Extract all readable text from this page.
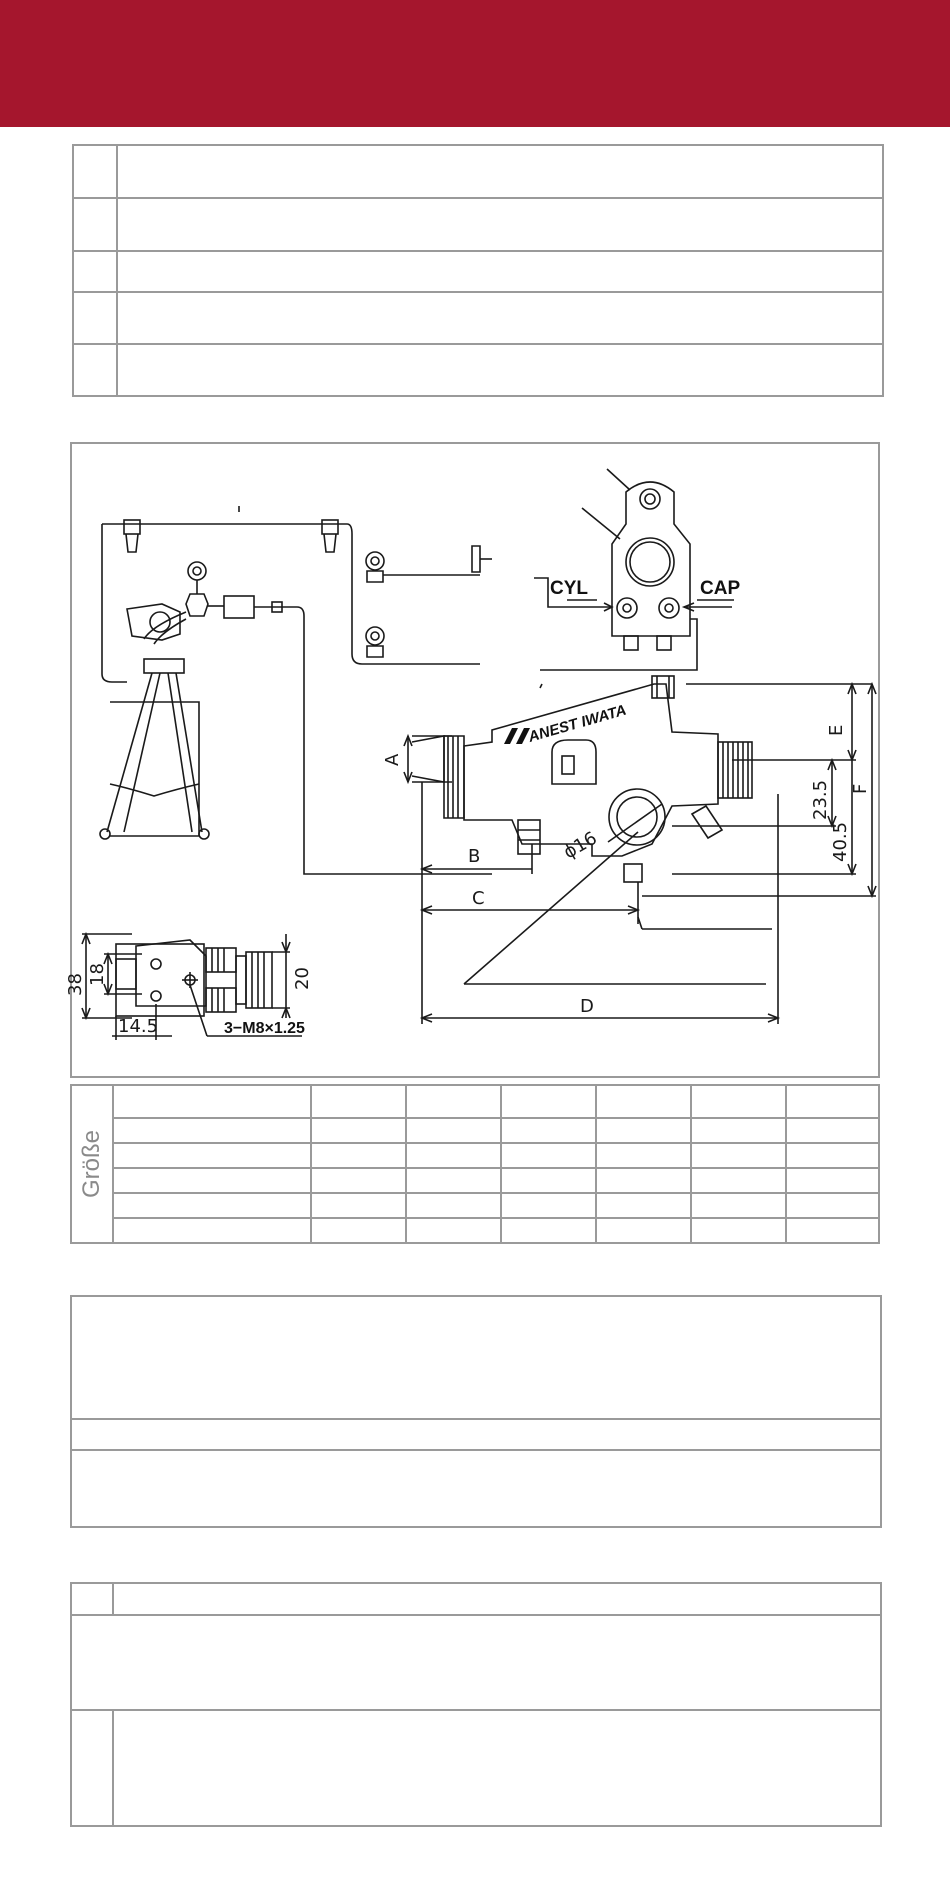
ANEST IWATA
CYL	CAP
A
B
C
D
E
F
23.5
40.5
ϕ16
38 18	20
14.5	3−M8×1.25
Größe
